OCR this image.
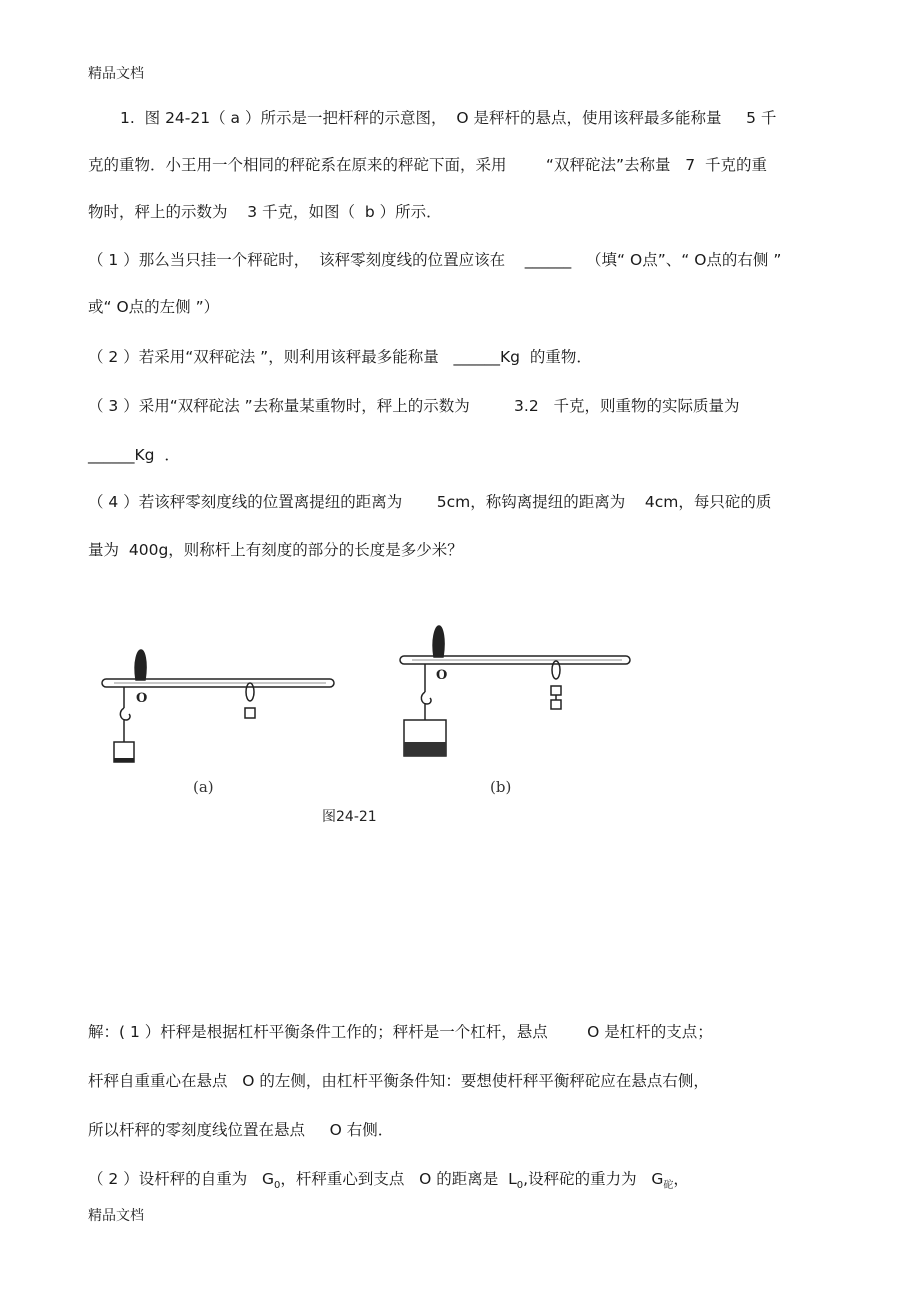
精品文档
1.  图 24-21（ a ）所示是一把杆秤的示意图，  O 是秤杆的悬点，使用该秤最多能称量     5 千
克的重物．小王用一个相同的秤砣系在原来的秤砣下面，采用        “双秤砣法”去称量   7  千克的重
物时，秤上的示数为    3 千克，如图（  b ）所示．
（ 1 ）那么当只挂一个秤砣时，  该秤零刻度线的位置应该在    ______   （填“ O点”、“ O点的右侧 ”
或“ O点的左侧 ”）
（ 2 ）若采用“双秤砣法 ”，则利用该秤最多能称量   ______Kg  的重物．
（ 3 ）采用“双秤砣法 ”去称量某重物时，秤上的示数为         3.2   千克，则重物的实际质量为
______Kg  ．
（ 4 ）若该秤零刻度线的位置离提纽的距离为       5cm，称钩离提纽的距离为    4cm，每只砣的质
量为  400g，则称杆上有刻度的部分的长度是多少米？
O
O
(a)	(b)
图24-21
解：( 1 ）杆秤是根据杠杆平衡条件工作的；秤杆是一个杠杆，悬点        O 是杠杆的支点；
杆秤自重重心在悬点   O 的左侧，由杠杆平衡条件知：要想使杆秤平衡秤砣应在悬点右侧，
所以杆秤的零刻度线位置在悬点     O 右侧．
（ 2 ）设杆秤的自重为   $G_0$，杆秤重心到支点   O 的距离是  $L_0$,设秤砣的重力为   $G_砣$，
精品文档
